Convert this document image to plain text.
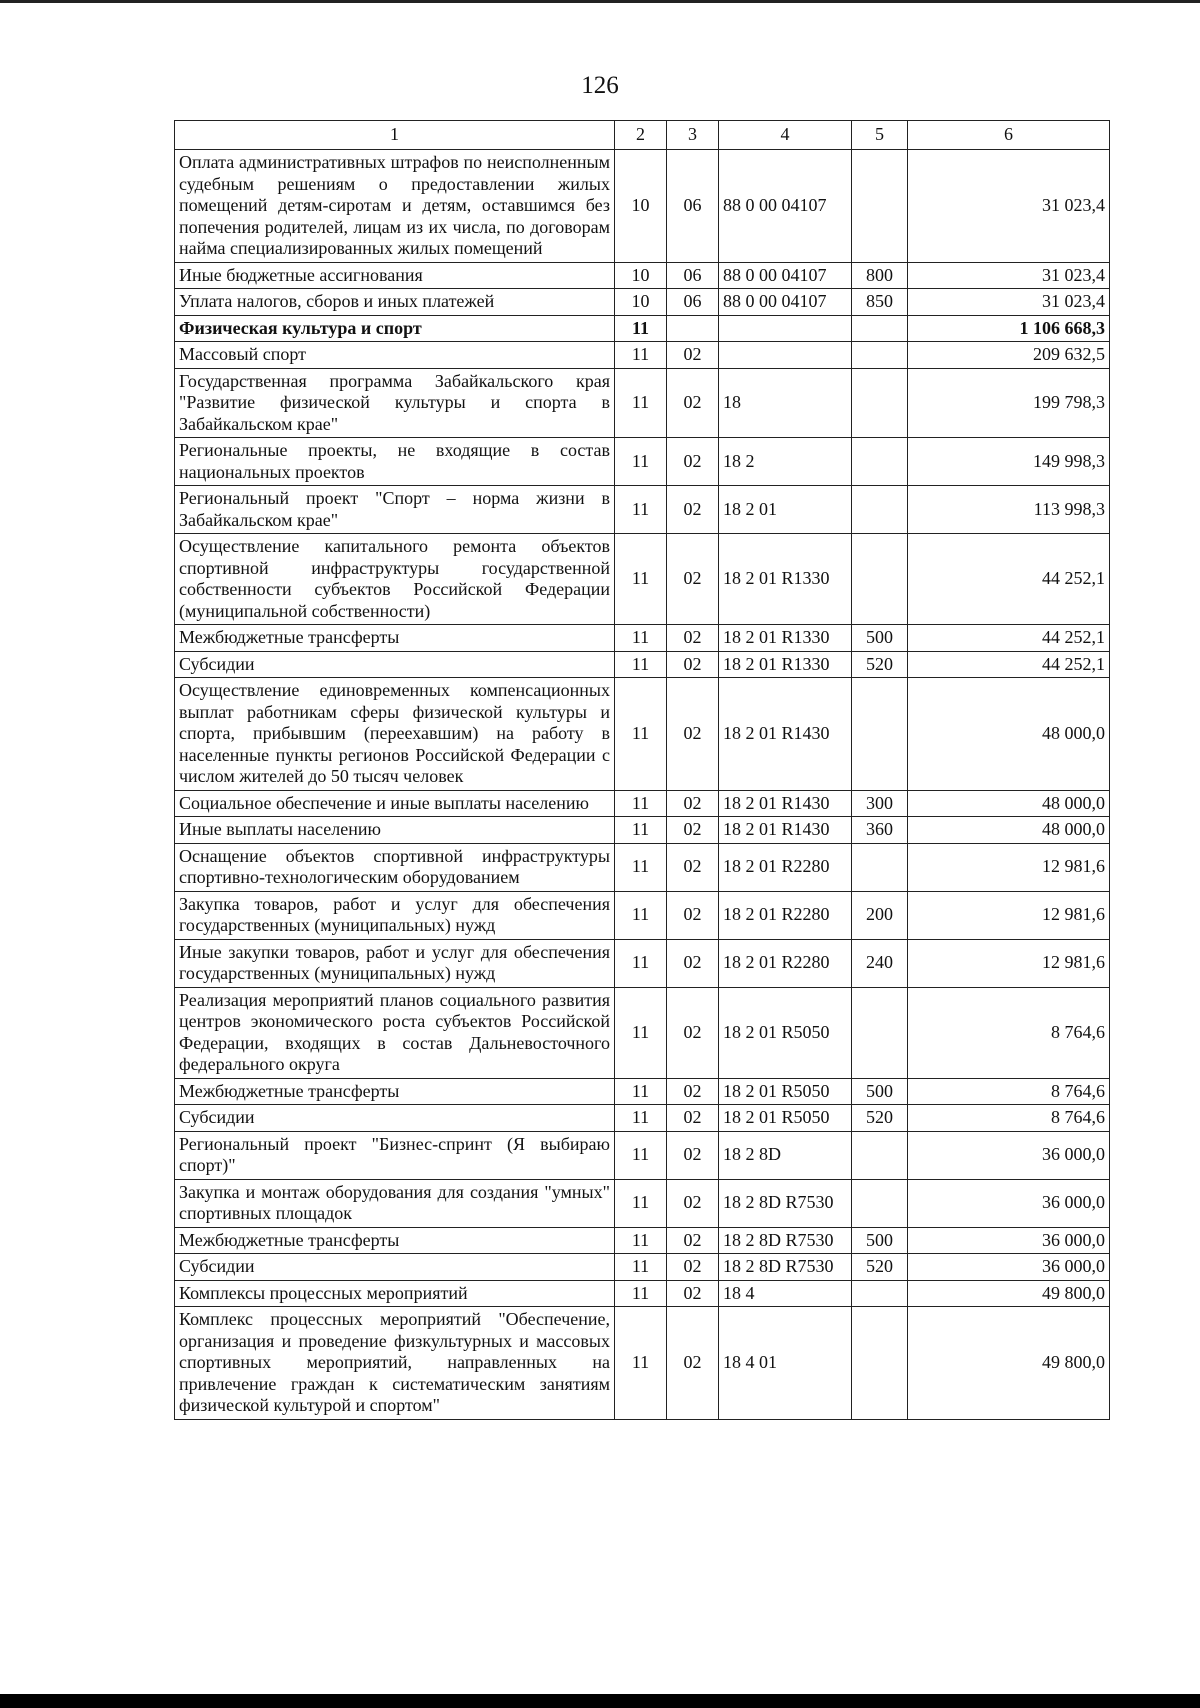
126
1	2	3	4	5	6
Оплата административных штрафов по неисполненным судебным решениям о предоставлении жилых помещений детям-сиротам и детям, оставшимся без попечения родителей, лицам из их числа, по договорам найма специализированных жилых помещений	10	06	88 0 00 04107		31 023,4
Иные бюджетные ассигнования	10	06	88 0 00 04107	800	31 023,4
Уплата налогов, сборов и иных платежей	10	06	88 0 00 04107	850	31 023,4
Физическая культура и спорт	11				1 106 668,3
Массовый спорт	11	02			209 632,5
Государственная программа Забайкальского края "Развитие физической культуры и спорта в Забайкальском крае"	11	02	18		199 798,3
Региональные проекты, не входящие в состав национальных проектов	11	02	18 2		149 998,3
Региональный проект "Спорт – норма жизни в Забайкальском крае"	11	02	18 2 01		113 998,3
Осуществление капитального ремонта объектов спортивной инфраструктуры государственной собственности субъектов Российской Федерации (муниципальной собственности)	11	02	18 2 01 R1330		44 252,1
Межбюджетные трансферты	11	02	18 2 01 R1330	500	44 252,1
Субсидии	11	02	18 2 01 R1330	520	44 252,1
Осуществление единовременных компенсационных выплат работникам сферы физической культуры и спорта, прибывшим (переехавшим) на работу в населенные пункты регионов Российской Федерации с числом жителей до 50 тысяч человек	11	02	18 2 01 R1430		48 000,0
Социальное обеспечение и иные выплаты населению	11	02	18 2 01 R1430	300	48 000,0
Иные выплаты населению	11	02	18 2 01 R1430	360	48 000,0
Оснащение объектов спортивной инфраструктуры спортивно-технологическим оборудованием	11	02	18 2 01 R2280		12 981,6
Закупка товаров, работ и услуг для обеспечения государственных (муниципальных) нужд	11	02	18 2 01 R2280	200	12 981,6
Иные закупки товаров, работ и услуг для обеспечения государственных (муниципальных) нужд	11	02	18 2 01 R2280	240	12 981,6
Реализация мероприятий планов социального развития центров экономического роста субъектов Российской Федерации, входящих в состав Дальневосточного федерального округа	11	02	18 2 01 R5050		8 764,6
Межбюджетные трансферты	11	02	18 2 01 R5050	500	8 764,6
Субсидии	11	02	18 2 01 R5050	520	8 764,6
Региональный проект "Бизнес-спринт (Я выбираю спорт)"	11	02	18 2 8D		36 000,0
Закупка и монтаж оборудования для создания "умных" спортивных площадок	11	02	18 2 8D R7530		36 000,0
Межбюджетные трансферты	11	02	18 2 8D R7530	500	36 000,0
Субсидии	11	02	18 2 8D R7530	520	36 000,0
Комплексы процессных мероприятий	11	02	18 4		49 800,0
Комплекс процессных мероприятий "Обеспечение, организация и проведение физкультурных и массовых спортивных мероприятий, направленных на привлечение граждан к систематическим занятиям физической культурой и спортом"	11	02	18 4 01		49 800,0
